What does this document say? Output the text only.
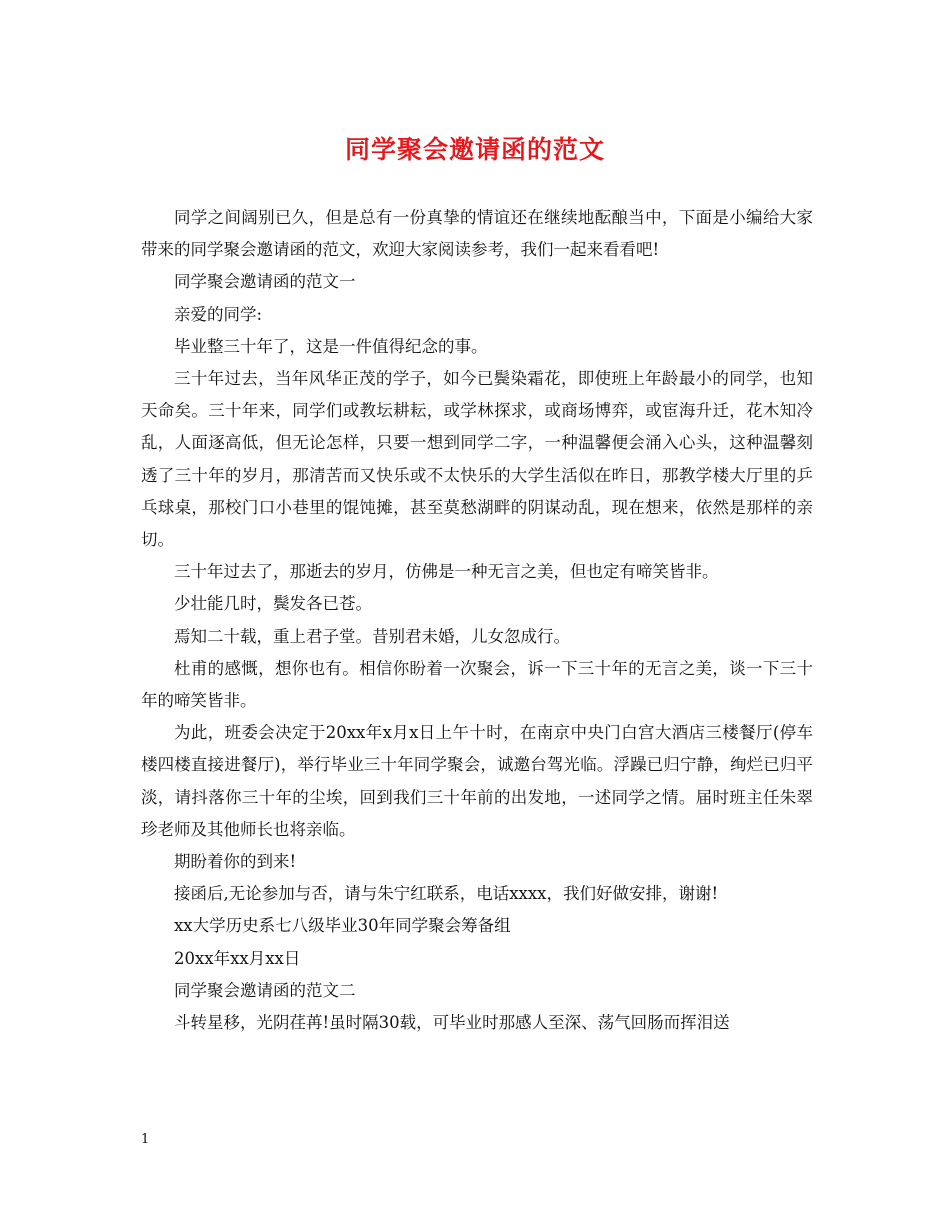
同学聚会邀请函的范文

同学之间阔别已久，但是总有一份真挚的情谊还在继续地酝酿当中，下面是小编给大家带来的同学聚会邀请函的范文，欢迎大家阅读参考，我们一起来看看吧!

同学聚会邀请函的范文一

亲爱的同学:

毕业整三十年了，这是一件值得纪念的事。

三十年过去，当年风华正茂的学子，如今已鬓染霜花，即使班上年龄最小的同学，也知天命矣。三十年来，同学们或教坛耕耘，或学林探求，或商场博弈，或宦海升迁，花木知冷乱，人面逐高低，但无论怎样，只要一想到同学二字，一种温馨便会涌入心头，这种温馨刻透了三十年的岁月，那清苦而又快乐或不太快乐的大学生活似在昨日，那教学楼大厅里的乒乓球桌，那校门口小巷里的馄饨摊，甚至莫愁湖畔的阴谋动乱，现在想来，依然是那样的亲切。

三十年过去了，那逝去的岁月，仿佛是一种无言之美，但也定有啼笑皆非。

少壮能几时，鬓发各已苍。

焉知二十载，重上君子堂。昔别君未婚，儿女忽成行。

杜甫的感慨，想你也有。相信你盼着一次聚会，诉一下三十年的无言之美，谈一下三十年的啼笑皆非。

为此，班委会决定于20xx年x月x日上午十时，在南京中央门白宫大酒店三楼餐厅(停车楼四楼直接进餐厅)，举行毕业三十年同学聚会，诚邀台驾光临。浮躁已归宁静，绚烂已归平淡，请抖落你三十年的尘埃，回到我们三十年前的出发地，一述同学之情。届时班主任朱翠珍老师及其他师长也将亲临。

期盼着你的到来!

接函后,无论参加与否，请与朱宁红联系，电话xxxx，我们好做安排，谢谢!

xx大学历史系七八级毕业30年同学聚会筹备组

20xx年xx月xx日

同学聚会邀请函的范文二

斗转星移，光阴荏苒!虽时隔30载，可毕业时那感人至深、荡气回肠而挥泪送

1
